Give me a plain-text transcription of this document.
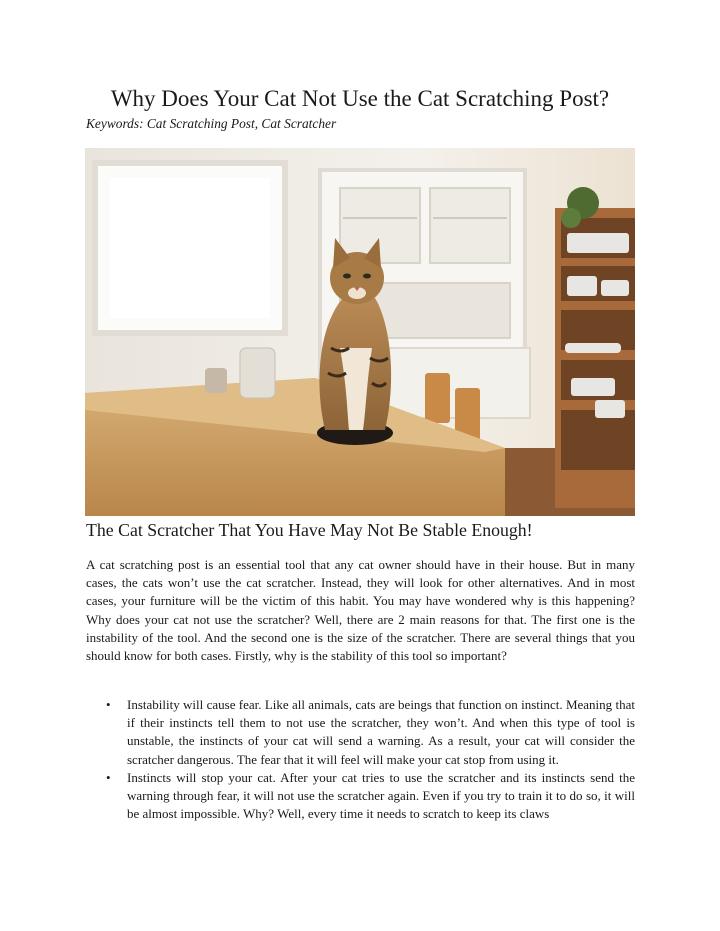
Why Does Your Cat Not Use the Cat Scratching Post?

Keywords: Cat Scratching Post, Cat Scratcher

The Cat Scratcher That You Have May Not Be Stable Enough!

A cat scratching post is an essential tool that any cat owner should have in their house. But in many cases, the cats won’t use the cat scratcher. Instead, they will look for other alternatives. And in most cases, your furniture will be the victim of this habit. You may have wondered why is this happening? Why does your cat not use the scratcher? Well, there are 2 main reasons for that. The first one is the instability of the tool. And the second one is the size of the scratcher. There are several things that you should know for both cases. Firstly, why is the stability of this tool so important?

• Instability will cause fear. Like all animals, cats are beings that function on instinct. Meaning that if their instincts tell them to not use the scratcher, they won’t. And when this type of tool is unstable, the instincts of your cat will send a warning. As a result, your cat will consider the scratcher dangerous. The fear that it will feel will make your cat stop from using it.
• Instincts will stop your cat. After your cat tries to use the scratcher and its instincts send the warning through fear, it will not use the scratcher again. Even if you try to train it to do so, it will be almost impossible. Why? Well, every time it needs to scratch to keep its claws
